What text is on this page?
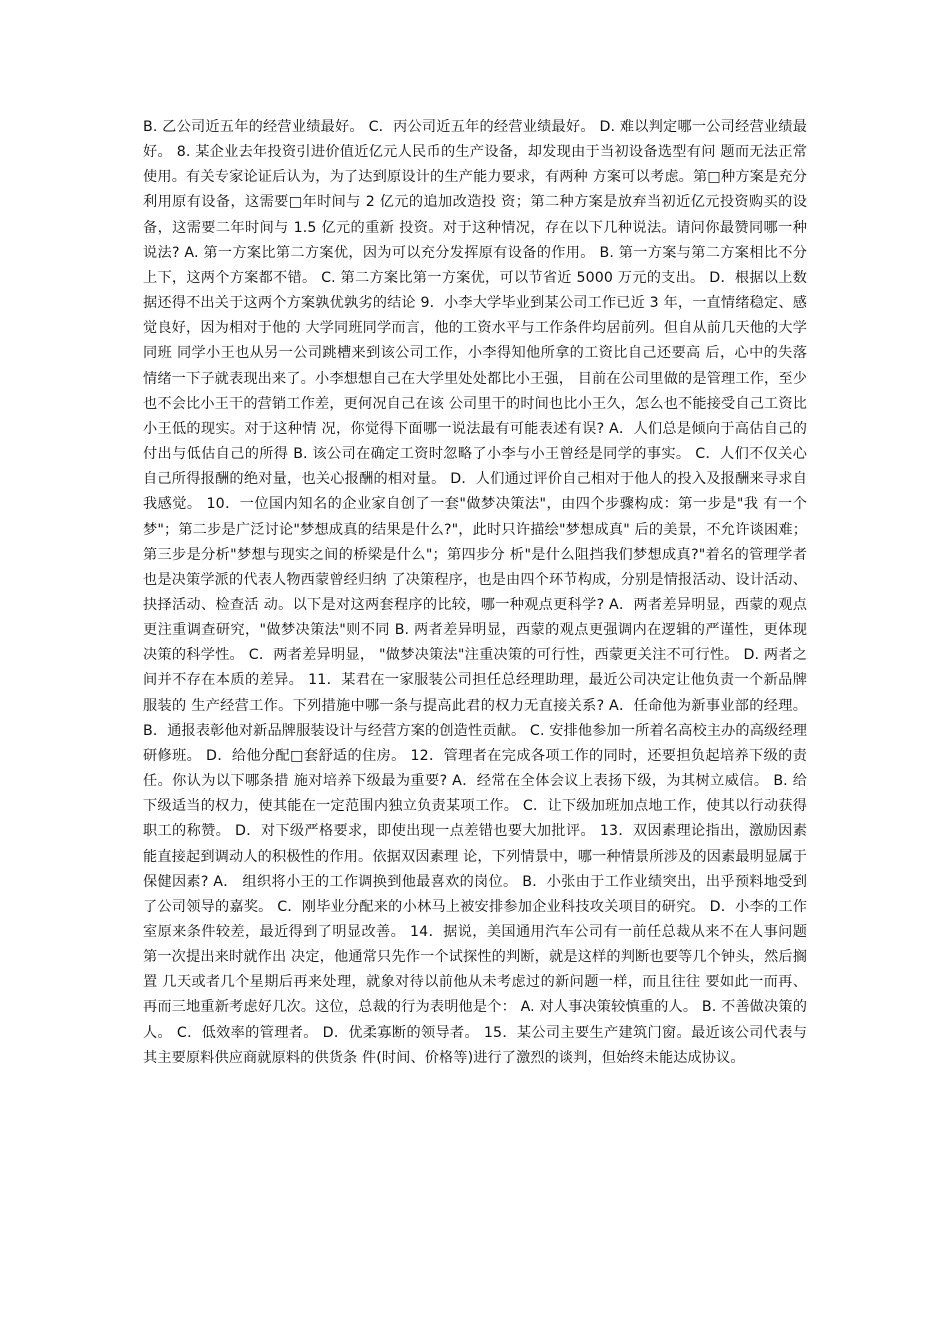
B. 乙公司近五年的经营业绩最好。 C．丙公司近五年的经营业绩最好。 D. 难以判定哪一公司经营业绩最好。 8. 某企业去年投资引进价值近亿元人民币的生产设备，却发现由于当初设备选型有问 题而无法正常使用。有关专家论证后认为，为了达到原设计的生产能力要求，有两种 方案可以考虑。第□种方案是充分利用原有设备，这需要□年时间与 2 亿元的追加改造投 资；第二种方案是放弃当初近亿元投资购买的设备，这需要二年时间与 1.5 亿元的重新 投资。对于这种情况，存在以下几种说法。请问你最赞同哪一种说法? A. 第一方案比第二方案优，因为可以充分发挥原有设备的作用。 B. 第一方案与第二方案相比不分上下，这两个方案都不错。 C. 第二方案比第一方案优，可以节省近 5000 万元的支出。 D．根据以上数据还得不出关于这两个方案孰优孰劣的结论 9．小李大学毕业到某公司工作已近 3 年，一直情绪稳定、感觉良好，因为相对于他的 大学同班同学而言，他的工资水平与工作条件均居前列。但自从前几天他的大学同班 同学小王也从另一公司跳槽来到该公司工作，小李得知他所拿的工资比自己还要高 后，心中的失落情绪一下子就表现出来了。小李想想自己在大学里处处都比小王强， 目前在公司里做的是管理工作，至少也不会比小王干的营销工作差，更何况自己在该 公司里干的时间也比小王久，怎么也不能接受自己工资比小王低的现实。对于这种情 况，你觉得下面哪一说法最有可能表述有误? A．人们总是倾向于高估自己的付出与低估自己的所得 B. 该公司在确定工资时忽略了小李与小王曾经是同学的事实。 C．人们不仅关心自己所得报酬的绝对量，也关心报酬的相对量。 D．人们通过评价自己相对于他人的投入及报酬来寻求自我感觉。 10．一位国内知名的企业家自创了一套"做梦决策法"，由四个步骤构成：第一步是"我 有一个梦"；第二步是广泛讨论"梦想成真的结果是什么?"，此时只许描绘"梦想成真" 后的美景，不允许谈困难；第三步是分析"梦想与现实之间的桥梁是什么"；第四步分 析"是什么阻挡我们梦想成真?"着名的管理学者也是决策学派的代表人物西蒙曾经归纳 了决策程序，也是由四个环节构成，分别是情报活动、设计活动、抉择活动、检查活 动。以下是对这两套程序的比较，哪一种观点更科学? A．两者差异明显，西蒙的观点更注重调查研究，"做梦决策法"则不同 B. 两者差异明显，西蒙的观点更强调内在逻辑的严谨性，更体现决策的科学性。 C．两者差异明显， "做梦决策法"注重决策的可行性，西蒙更关注不可行性。 D. 两者之间并不存在本质的差异。 11．某君在一家服装公司担任总经理助理，最近公司决定让他负责一个新品牌服装的 生产经营工作。下列措施中哪一条与提高此君的权力无直接关系? A．任命他为新事业部的经理。 B．通报表彰他对新品牌服装设计与经营方案的创造性贡献。 C. 安排他参加一所着名高校主办的高级经理研修班。 D．给他分配□套舒适的住房。 12．管理者在完成各项工作的同时，还要担负起培养下级的责任。你认为以下哪条措 施对培养下级最为重要? A．经常在全体会议上表扬下级，为其树立威信。 B. 给下级适当的权力，使其能在一定范围内独立负责某项工作。 C．让下级加班加点地工作，使其以行动获得职工的称赞。 D．对下级严格要求，即使出现一点差错也要大加批评。 13．双因素理论指出，激励因素能直接起到调动人的积极性的作用。依据双因素理 论，下列情景中，哪一种情景所涉及的因素最明显属于保健因素? A． 组织将小王的工作调换到他最喜欢的岗位。 B．小张由于工作业绩突出，出乎预料地受到了公司领导的嘉奖。 C．刚毕业分配来的小林马上被安排参加企业科技攻关项目的研究。 D．小李的工作室原来条件较差，最近得到了明显改善。 14．据说，美国通用汽车公司有一前任总裁从来不在人事问题第一次提出来时就作出 决定，他通常只先作一个试探性的判断，就是这样的判断也要等几个钟头，然后搁置 几天或者几个星期后再来处理，就象对待以前他从未考虑过的新问题一样，而且往往 要如此一而再、再而三地重新考虑好几次。这位，总裁的行为表明他是个： A. 对人事决策较慎重的人。 B. 不善做决策的人。 C．低效率的管理者。 D．优柔寡断的领导者。 15．某公司主要生产建筑门窗。最近该公司代表与其主要原料供应商就原料的供货条 件(时间、价格等)进行了激烈的谈判，但始终未能达成协议。
